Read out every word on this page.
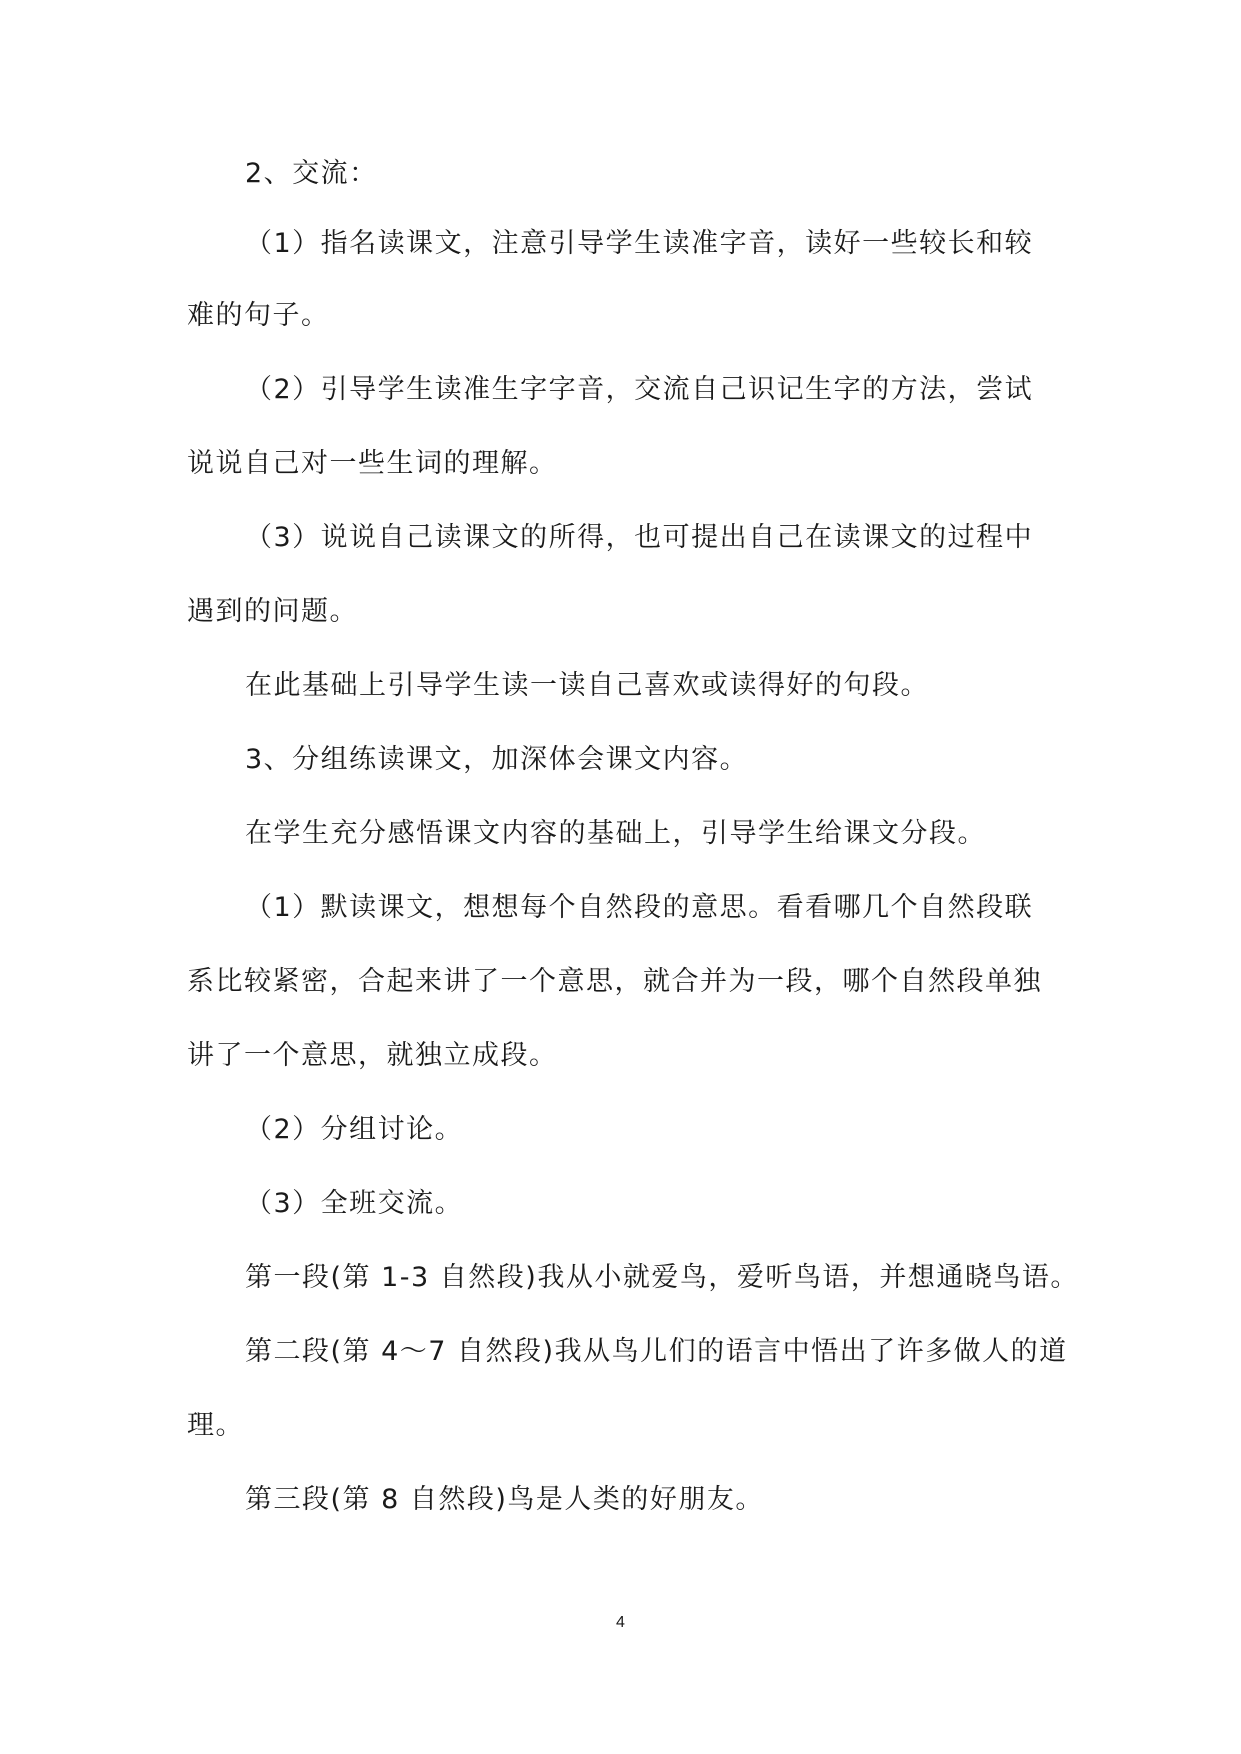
2、交流：
（1）指名读课文，注意引导学生读准字音，读好一些较长和较
难的句子。
（2）引导学生读准生字字音，交流自己识记生字的方法，尝试
说说自己对一些生词的理解。
（3）说说自己读课文的所得，也可提出自己在读课文的过程中
遇到的问题。
在此基础上引导学生读一读自己喜欢或读得好的句段。
3、分组练读课文，加深体会课文内容。
在学生充分感悟课文内容的基础上，引导学生给课文分段。
（1）默读课文，想想每个自然段的意思。看看哪几个自然段联
系比较紧密，合起来讲了一个意思，就合并为一段，哪个自然段单独
讲了一个意思，就独立成段。
（2）分组讨论。
（3）全班交流。
第一段(第 1-3 自然段)我从小就爱鸟，爱听鸟语，并想通晓鸟语。
第二段(第 4～7 自然段)我从鸟儿们的语言中悟出了许多做人的道
理。
第三段(第 8 自然段)鸟是人类的好朋友。
4
